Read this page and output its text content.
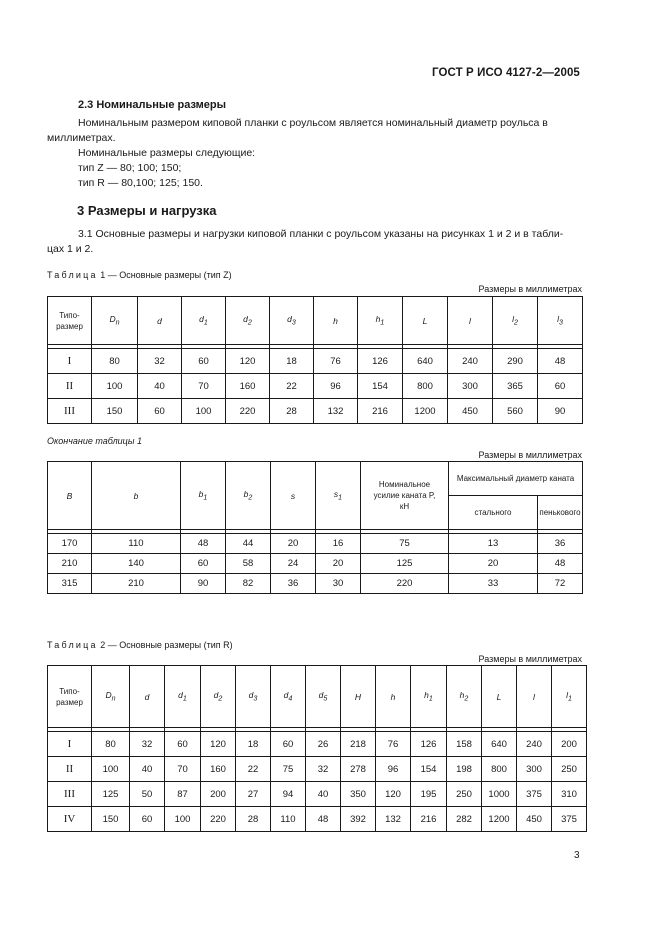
ГОСТ Р ИСО 4127-2—2005
2.3 Номинальные размеры
Номинальным размером киповой планки с роульсом является номинальный диаметр роульса в
миллиметрах.
Номинальные размеры следующие:
тип Z — 80; 100; 150;
тип R — 80,100; 125; 150.
3 Размеры и нагрузка
3.1 Основные размеры и нагрузки киповой планки с роульсом указаны на рисунках 1 и 2 и в табли-
цах 1 и 2.
Таблица 1 — Основные размеры (тип Z)
Размеры в миллиметрах
Типо-
размер	$D_n$	d	$d_1$	$d_2$	$d_3$	h	$h_1$	L	l	$l_2$	$l_3$

I	80	32	60	120	18	76	126	640	240	290	48
II	100	40	70	160	22	96	154	800	300	365	60
III	150	60	100	220	28	132	216	1200	450	560	90
Окончание таблицы 1
Размеры в миллиметрах
B	b	$b_1$	$b_2$	s	$s_1$	Номинальное
усилие каната P,
кН	Максимальный диаметр каната	
							стального	пенькового

170	110	48	44	20	16	75	13	36
210	140	60	58	24	20	125	20	48
315	210	90	82	36	30	220	33	72
Таблица 2 — Основные размеры (тип R)
Размеры в миллиметрах
Типо-
размер	$D_n$	d	$d_1$	$d_2$	$d_3$	$d_4$	$d_5$	H	h	$h_1$	$h_2$	L	l	$l_1$

I	80	32	60	120	18	60	26	218	76	126	158	640	240	200
II	100	40	70	160	22	75	32	278	96	154	198	800	300	250
III	125	50	87	200	27	94	40	350	120	195	250	1000	375	310
IV	150	60	100	220	28	110	48	392	132	216	282	1200	450	375
3
